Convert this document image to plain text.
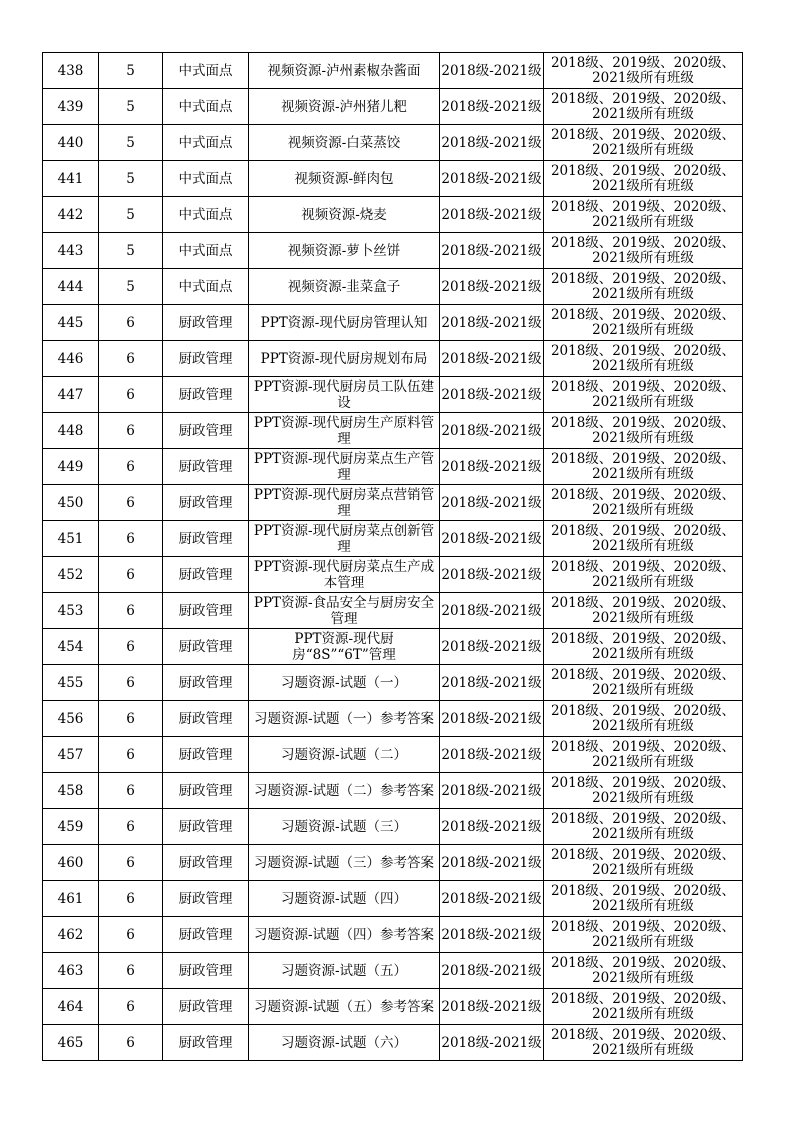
438	5	中式面点	视频资源-泸州素椒杂酱面	2018级-2021级	2018级、2019级、2020级、2021级所有班级
439	5	中式面点	视频资源-泸州猪儿粑	2018级-2021级	2018级、2019级、2020级、2021级所有班级
440	5	中式面点	视频资源-白菜蒸饺	2018级-2021级	2018级、2019级、2020级、2021级所有班级
441	5	中式面点	视频资源-鲜肉包	2018级-2021级	2018级、2019级、2020级、2021级所有班级
442	5	中式面点	视频资源-烧麦	2018级-2021级	2018级、2019级、2020级、2021级所有班级
443	5	中式面点	视频资源-萝卜丝饼	2018级-2021级	2018级、2019级、2020级、2021级所有班级
444	5	中式面点	视频资源-韭菜盒子	2018级-2021级	2018级、2019级、2020级、2021级所有班级
445	6	厨政管理	PPT资源-现代厨房管理认知	2018级-2021级	2018级、2019级、2020级、2021级所有班级
446	6	厨政管理	PPT资源-现代厨房规划布局	2018级-2021级	2018级、2019级、2020级、2021级所有班级
447	6	厨政管理	PPT资源-现代厨房员工队伍建设	2018级-2021级	2018级、2019级、2020级、2021级所有班级
448	6	厨政管理	PPT资源-现代厨房生产原料管理	2018级-2021级	2018级、2019级、2020级、2021级所有班级
449	6	厨政管理	PPT资源-现代厨房菜点生产管理	2018级-2021级	2018级、2019级、2020级、2021级所有班级
450	6	厨政管理	PPT资源-现代厨房菜点营销管理	2018级-2021级	2018级、2019级、2020级、2021级所有班级
451	6	厨政管理	PPT资源-现代厨房菜点创新管理	2018级-2021级	2018级、2019级、2020级、2021级所有班级
452	6	厨政管理	PPT资源-现代厨房菜点生产成本管理	2018级-2021级	2018级、2019级、2020级、2021级所有班级
453	6	厨政管理	PPT资源-食品安全与厨房安全管理	2018级-2021级	2018级、2019级、2020级、2021级所有班级
454	6	厨政管理	PPT资源-现代厨房“8S”“6T”管理	2018级-2021级	2018级、2019级、2020级、2021级所有班级
455	6	厨政管理	习题资源-试题（一）	2018级-2021级	2018级、2019级、2020级、2021级所有班级
456	6	厨政管理	习题资源-试题（一）参考答案	2018级-2021级	2018级、2019级、2020级、2021级所有班级
457	6	厨政管理	习题资源-试题（二）	2018级-2021级	2018级、2019级、2020级、2021级所有班级
458	6	厨政管理	习题资源-试题（二）参考答案	2018级-2021级	2018级、2019级、2020级、2021级所有班级
459	6	厨政管理	习题资源-试题（三）	2018级-2021级	2018级、2019级、2020级、2021级所有班级
460	6	厨政管理	习题资源-试题（三）参考答案	2018级-2021级	2018级、2019级、2020级、2021级所有班级
461	6	厨政管理	习题资源-试题（四）	2018级-2021级	2018级、2019级、2020级、2021级所有班级
462	6	厨政管理	习题资源-试题（四）参考答案	2018级-2021级	2018级、2019级、2020级、2021级所有班级
463	6	厨政管理	习题资源-试题（五）	2018级-2021级	2018级、2019级、2020级、2021级所有班级
464	6	厨政管理	习题资源-试题（五）参考答案	2018级-2021级	2018级、2019级、2020级、2021级所有班级
465	6	厨政管理	习题资源-试题（六）	2018级-2021级	2018级、2019级、2020级、2021级所有班级
